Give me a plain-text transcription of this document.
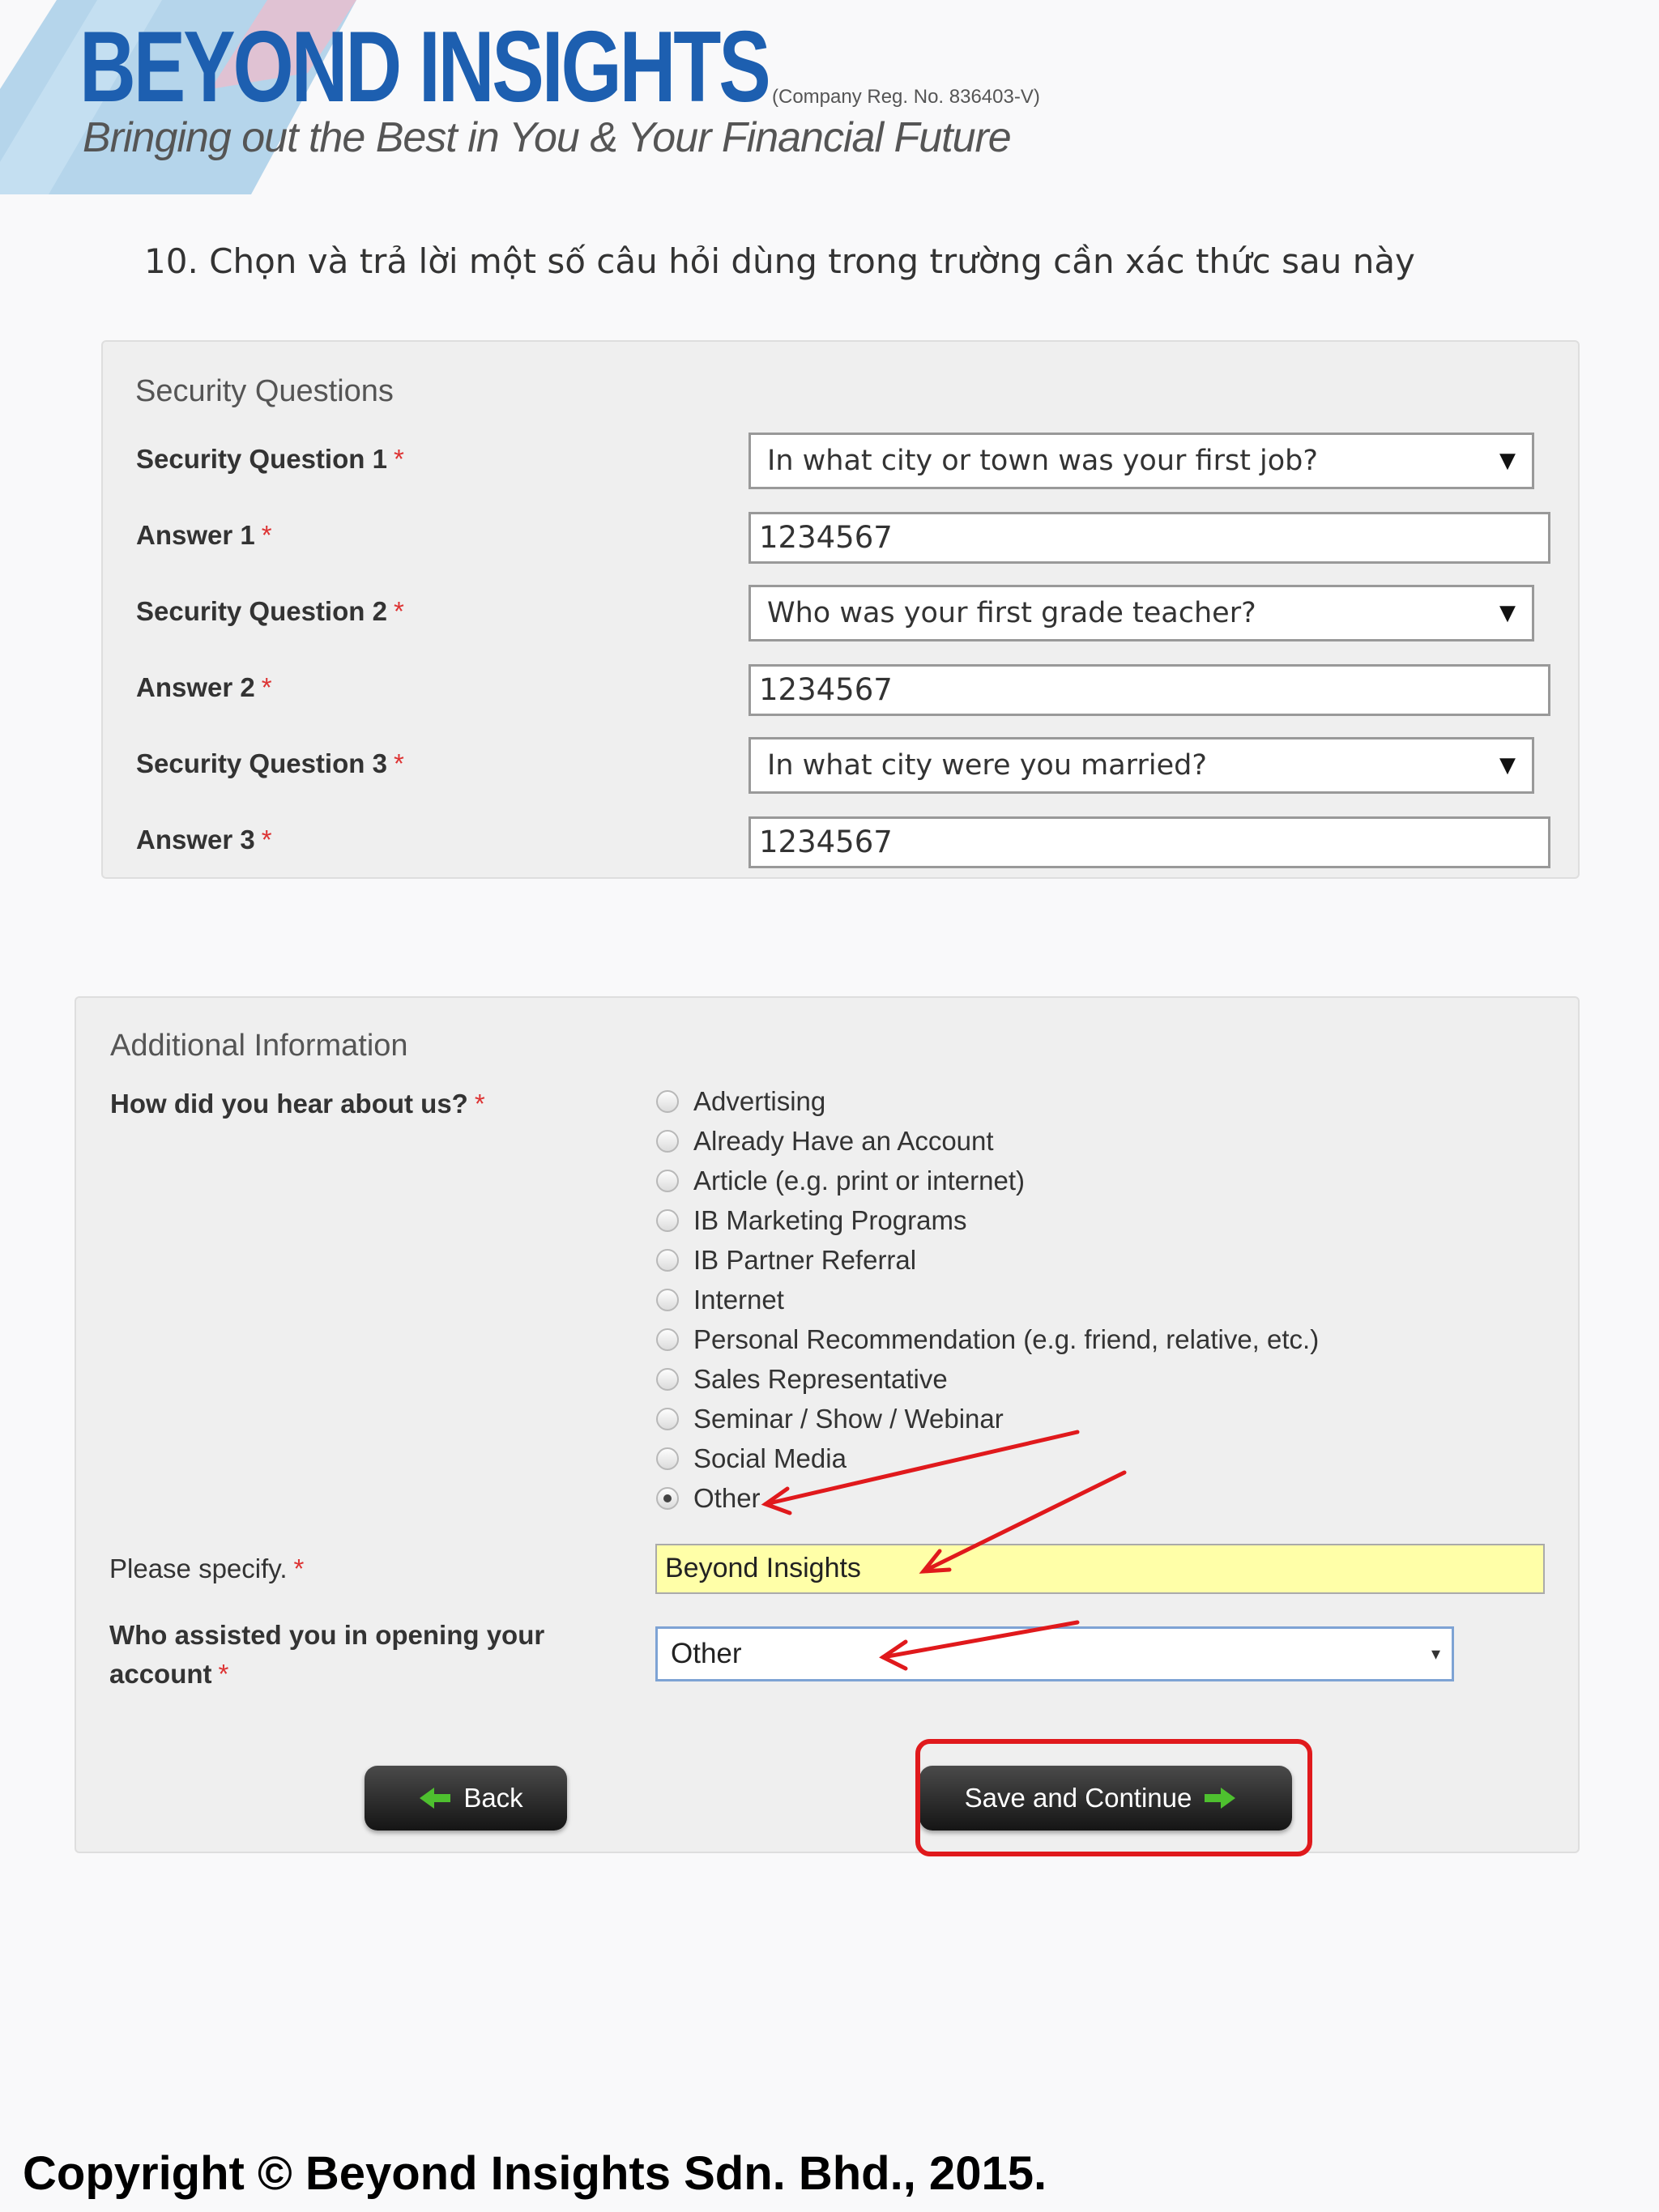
BEYOND INSIGHTS (Company Reg. No. 836403-V)
Bringing out the Best in You & Your Financial Future
10. Chọn và trả lời một số câu hỏi dùng trong trường cần xác thức sau này
Security Questions
Security Question 1 *	In what city or town was your first job?	▼
Answer 1 *	1234567
Security Question 2 *	Who was your first grade teacher?	▼
Answer 2 *	1234567
Security Question 3 *	In what city were you married?	▼
Answer 3 *	1234567
Additional Information
How did you hear about us? *	Advertising
Already Have an Account
Article (e.g. print or internet)
IB Marketing Programs
IB Partner Referral
Internet
Personal Recommendation (e.g. friend, relative, etc.)
Sales Representative
Seminar / Show / Webinar
Social Media
Other
Please specify. *	Beyond Insights
Who assisted you in opening your
account *
Other	▾
Back	Save and Continue
Copyright © Beyond Insights Sdn. Bhd., 2015.
